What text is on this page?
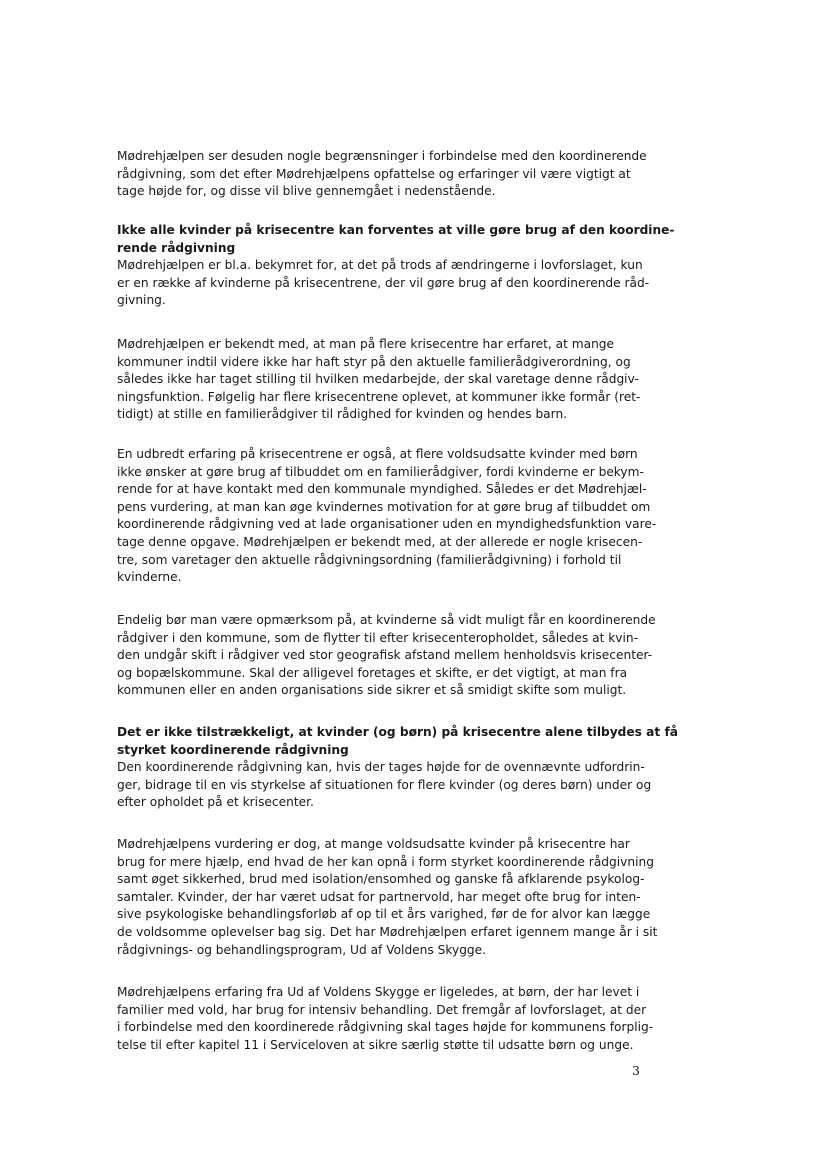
Mødrehjælpen ser desuden nogle begrænsninger i forbindelse med den koordinerende
rådgivning, som det efter Mødrehjælpens opfattelse og erfaringer vil være vigtigt at
tage højde for, og disse vil blive gennemgået i nedenstående.
Ikke alle kvinder på krisecentre kan forventes at ville gøre brug af den koordine-
rende rådgivning
Mødrehjælpen er bl.a. bekymret for, at det på trods af ændringerne i lovforslaget, kun
er en række af kvinderne på krisecentrene, der vil gøre brug af den koordinerende råd-
givning.
Mødrehjælpen er bekendt med, at man på flere krisecentre har erfaret, at mange
kommuner indtil videre ikke har haft styr på den aktuelle familierådgiverordning, og
således ikke har taget stilling til hvilken medarbejde, der skal varetage denne rådgiv-
ningsfunktion. Følgelig har flere krisecentrene oplevet, at kommuner ikke formår (ret-
tidigt) at stille en familierådgiver til rådighed for kvinden og hendes barn.
En udbredt erfaring på krisecentrene er også, at flere voldsudsatte kvinder med børn
ikke ønsker at gøre brug af tilbuddet om en familierådgiver, fordi kvinderne er bekym-
rende for at have kontakt med den kommunale myndighed. Således er det Mødrehjæl-
pens vurdering, at man kan øge kvindernes motivation for at gøre brug af tilbuddet om
koordinerende rådgivning ved at lade organisationer uden en myndighedsfunktion vare-
tage denne opgave. Mødrehjælpen er bekendt med, at der allerede er nogle krisecen-
tre, som varetager den aktuelle rådgivningsordning (familierådgivning) i forhold til
kvinderne.
Endelig bør man være opmærksom på, at kvinderne så vidt muligt får en koordinerende
rådgiver i den kommune, som de flytter til efter krisecenteropholdet, således at kvin-
den undgår skift i rådgiver ved stor geografisk afstand mellem henholdsvis krisecenter-
og bopælskommune. Skal der alligevel foretages et skifte, er det vigtigt, at man fra
kommunen eller en anden organisations side sikrer et så smidigt skifte som muligt.
Det er ikke tilstrækkeligt, at kvinder (og børn) på krisecentre alene tilbydes at få
styrket koordinerende rådgivning
Den koordinerende rådgivning kan, hvis der tages højde for de ovennævnte udfordrin-
ger, bidrage til en vis styrkelse af situationen for flere kvinder (og deres børn) under og
efter opholdet på et krisecenter.
Mødrehjælpens vurdering er dog, at mange voldsudsatte kvinder på krisecentre har
brug for mere hjælp, end hvad de her kan opnå i form styrket koordinerende rådgivning
samt øget sikkerhed, brud med isolation/ensomhed og ganske få afklarende psykolog-
samtaler. Kvinder, der har været udsat for partnervold, har meget ofte brug for inten-
sive psykologiske behandlingsforløb af op til et års varighed, før de for alvor kan lægge
de voldsomme oplevelser bag sig. Det har Mødrehjælpen erfaret igennem mange år i sit
rådgivnings- og behandlingsprogram, Ud af Voldens Skygge.
Mødrehjælpens erfaring fra Ud af Voldens Skygge er ligeledes, at børn, der har levet i
familier med vold, har brug for intensiv behandling. Det fremgår af lovforslaget, at der
i forbindelse med den koordinerede rådgivning skal tages højde for kommunens forplig-
telse til efter kapitel 11 i Serviceloven at sikre særlig støtte til udsatte børn og unge.
3
